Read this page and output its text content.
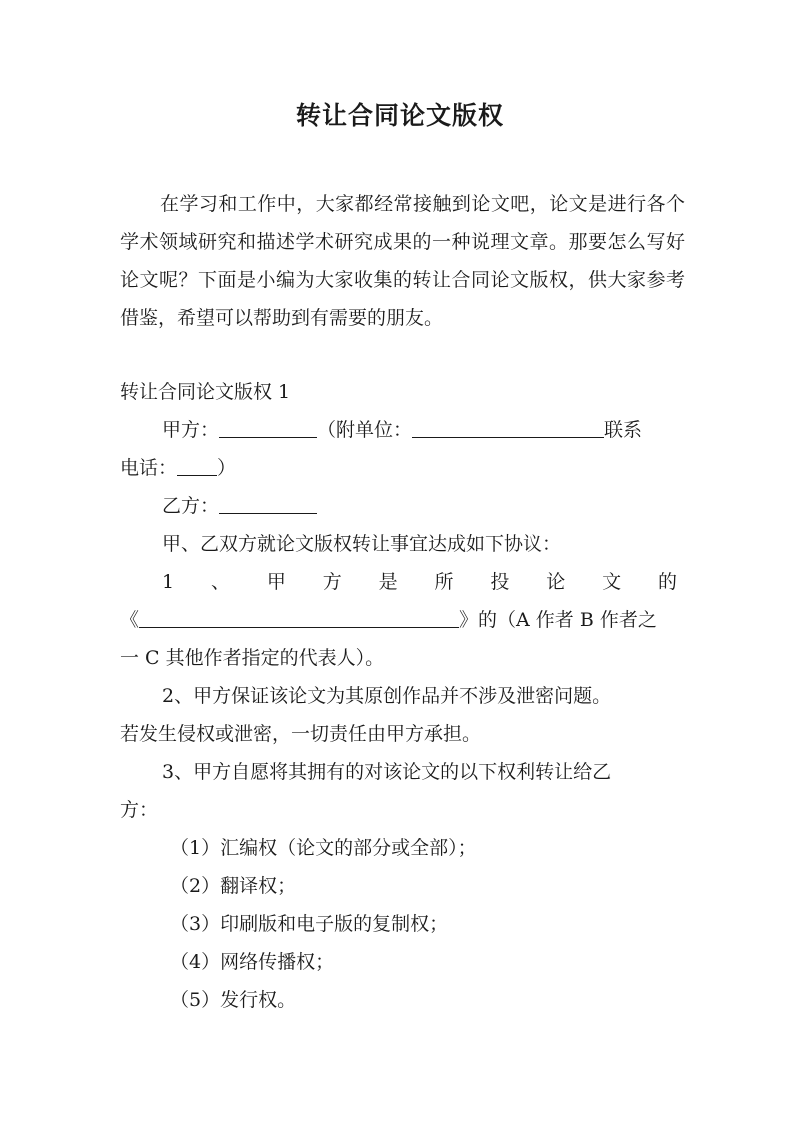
转让合同论文版权

在学习和工作中，大家都经常接触到论文吧，论文是进行各个学术领域研究和描述学术研究成果的一种说理文章。那要怎么写好论文呢？下面是小编为大家收集的转让合同论文版权，供大家参考借鉴，希望可以帮助到有需要的朋友。

转让合同论文版权 1
甲方：	（附单位：	联系
电话： ）
乙方：
甲、乙双方就论文版权转让事宜达成如下协议：
1 、 甲 方 是 所 投 论 文 的
《	》的（A 作者 B 作者之
一 C 其他作者指定的代表人）。
2、甲方保证该论文为其原创作品并不涉及泄密问题。
若发生侵权或泄密，一切责任由甲方承担。
3、甲方自愿将其拥有的对该论文的以下权利转让给乙
方：
（1）汇编权（论文的部分或全部）；
（2）翻译权；
（3）印刷版和电子版的复制权；
（4）网络传播权；
（5）发行权。
